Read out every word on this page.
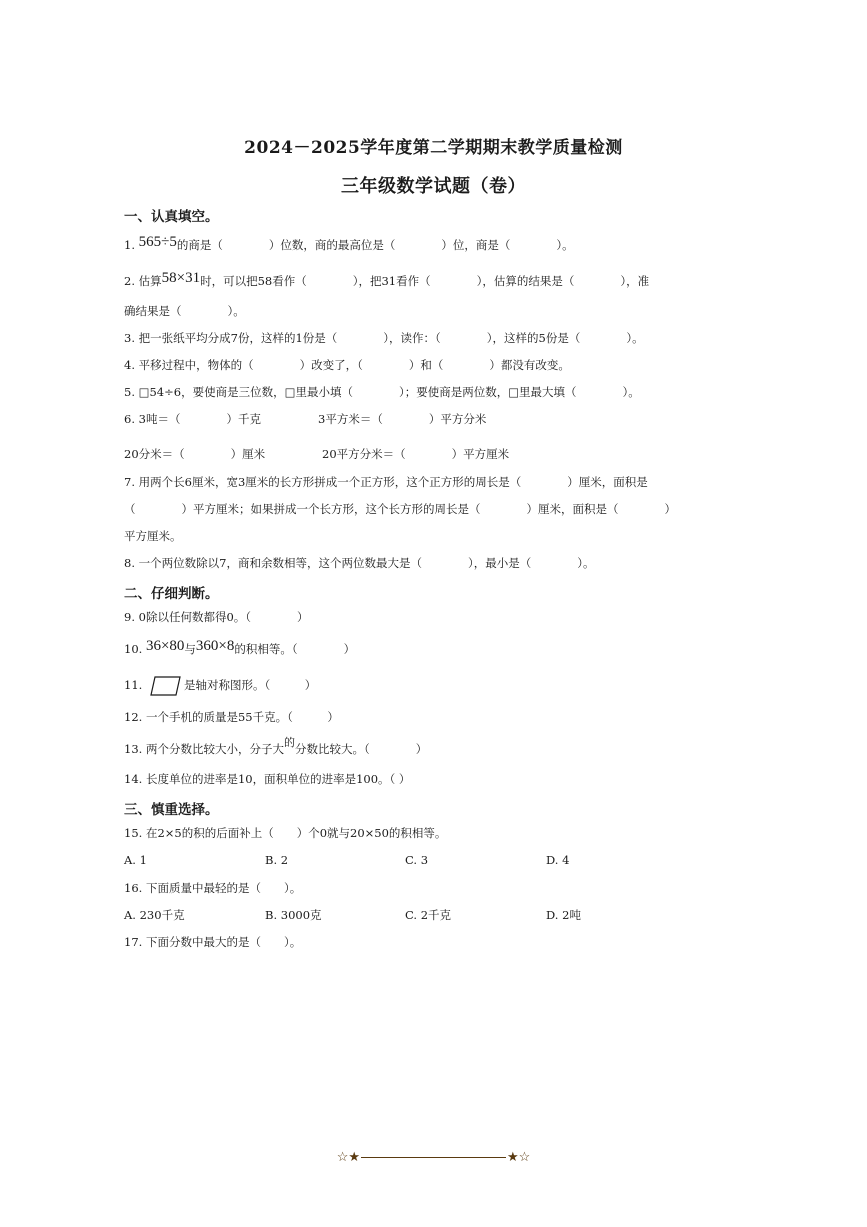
2024－2025学年度第二学期期末教学质量检测
三年级数学试题（卷）
一、认真填空。
1. 565÷5的商是（　　　　）位数，商的最高位是（　　　　）位，商是（　　　　）。
2. 估算58×31时，可以把58看作（　　　　），把31看作（　　　　），估算的结果是（　　　　），准
确结果是（　　　　）。
3. 把一张纸平均分成7份，这样的1份是（　　　　），读作：（　　　　），这样的5份是（　　　　）。
4. 平移过程中，物体的（　　　　）改变了，（　　　　）和（　　　　）都没有改变。
5. □54÷6，要使商是三位数，□里最小填（　　　　）；要使商是两位数，□里最大填（　　　　）。
6. 3吨＝（　　　　）千克	3平方米＝（　　　　）平方分米
20分米＝（　　　　）厘米	20平方分米＝（　　　　）平方厘米
7. 用两个长6厘米，宽3厘米的长方形拼成一个正方形，这个正方形的周长是（　　　　）厘米，面积是
（　　　　）平方厘米；如果拼成一个长方形，这个长方形的周长是（　　　　）厘米，面积是（　　　　）
平方厘米。
8. 一个两位数除以7，商和余数相等，这个两位数最大是（　　　　），最小是（　　　　）。
二、仔细判断。
9. 0除以任何数都得0。（　　　　）
10. 36×80与360×8的积相等。（　　　　）
11.	是轴对称图形。（　　　）
12. 一个手机的质量是55千克。（　　　）
13. 两个分数比较大小，分子大的分数比较大。（　　　　）
14. 长度单位的进率是10，面积单位的进率是100。（ ）
三、慎重选择。
15. 在2×5的积的后面补上（　　）个0就与20×50的积相等。
A. 1	B. 2	C. 3	D. 4
16. 下面质量中最轻的是（　　）。
A. 230千克	B. 3000克	C. 2千克	D. 2吨
17. 下面分数中最大的是（　　）。
☆★	★☆
